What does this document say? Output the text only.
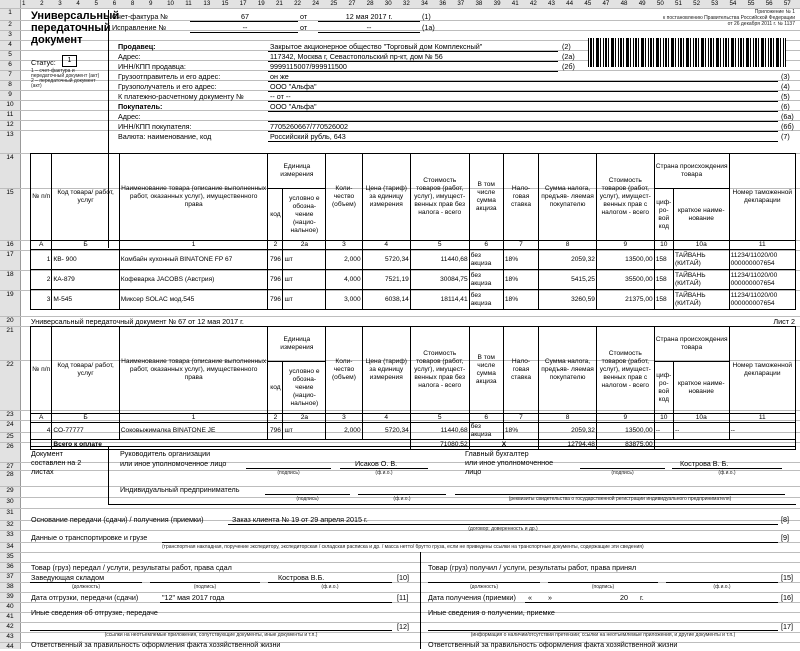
1 2 3 4 5 6 8 9 10 11 13 15 17 19 21 22 24 25 27 28 30 32 34 36 37 38 39 41 42 43 44 45 47 48 49 50 51 52 53 54 55 56 57
1
2
3
4
5
6
7
8
9
10
11
12
13
14
15
16
17
18
19
20
21
22
23
24
25
26
27
28
29
30
31
32
33
34
35
36
37
38
39
40
41
42
43
44
Универсальный
передаточный
документ
Счет-фактура №	67	от	12 мая 2017 г.	(1)
Исправление №	--	от	--	(1а)
Приложение № 1
к постановлению Правительства Российской Федерации
от 26 декабря 2011 г. № 1137
Статус:	1
1 – счет-фактура и
передаточный документ (акт)
2 – передаточный документ
(акт)
Продавец:	Закрытое акционерное общество "Торговый дом Комплексный"	(2)
Адрес:	117342, Москва г, Севастопольский пр-кт, дом № 56	(2а)
ИНН/КПП продавца:	9999115007/999911500	(2б)
Грузоотправитель и его адрес:	он же	(3)
Грузополучатель и его адрес:	ООО "Альфа"	(4)
К платежно-расчетному документу №	-- от --	(5)
Покупатель:	ООО "Альфа"	(6)
Адрес:	(6а)
ИНН/КПП покупателя:	7705260667/770526002	(6б)
Валюта: наименование, код	Российский рубль, 643	(7)
№ п/п	Код товара/ работ, услуг	Наименование товара (описание выполненных работ, оказанных услуг), имущественного права	Единица измерения		Коли- чество (объем)	Цена (тариф) за единицу измерения	Стоимость товаров (работ, услуг), имущест- венных прав без налога - всего	В том числе сумма акциза	Нало- говая ставка	Сумма налога, предъяв- ляемая покупателю	Стоимость товаров (работ, услуг), имущест- венных прав с налогом - всего	Страна происхождения товара		Номер таможенной декларации
			код	условно е обозна- чение (нацио- нальное)								циф- ро- вой код	краткое наиме- нование	
А	Б	1	2	2а	3	4	5	6	7	8	9	10	10а	11
1	КВ- 900	Комбайн кухонный BINATONE FP 67	796	шт	2,000	5720,34	11440,68	без акциза	18%	2059,32	13500,00	158	ТАЙВАНЬ (КИТАЙ)	11234/11020/00 000000007654
2	КА-879	Кофеварка JACOBS (Австрия)	796	шт	4,000	7521,19	30084,75	без акциза	18%	5415,25	35500,00	158	ТАЙВАНЬ (КИТАЙ)	11234/11020/00 000000007654
3	М-545	Миксер SOLAC мод.545	796	шт	3,000	6038,14	18114,41	без акциза	18%	3260,59	21375,00	158	ТАЙВАНЬ (КИТАЙ)	11234/11020/00 000000007654
Универсальный передаточный документ № 67 от 12 мая 2017 г.	Лист 2
№ п/п	Код товара/ работ, услуг	Наименование товара (описание выполненных работ, оказанных услуг), имущественного права	Единица измерения		Коли- чество (объем)	Цена (тариф) за единицу измерения	Стоимость товаров (работ, услуг), имущест- венных прав без налога - всего	В том числе сумма акциза	Нало- говая ставка	Сумма налога, предъяв- ляемая покупателю	Стоимость товаров (работ, услуг), имущест- венных прав с налогом - всего	Страна происхождения товара		Номер таможенной декларации
			код	условно е обозна- чение (нацио- нальное)								циф- ро- вой код	краткое наиме- нование	
А	Б	1	2	2а	3	4	5	6	7	8	9	10	10а	11
4	СО-77777	Соковыжималка BINATONE JE	796	шт	2,000	5720,34	11440,68	без акциза	18%	2059,32	13500,00	--	--	--
	Всего к оплате						71080,52	X		12794,48	83875,00			
Документ
составлен на 2
листах
Руководитель организации
или иное уполномоченное лицо
(подпись)
Исаков О. В.
(ф.и.о.)
Главный бухгалтер
или иное уполномоченное
лицо	(подпись)
Кострова В. Б.
(ф.и.о.)
Индивидуальный предприниматель
(подпись)	(ф.и.о.)	(реквизиты свидетельства о государственной регистрации индивидуального предпринимателя)
Основание передачи (сдачи) / получения (приемки)	Заказ клиента № 19 от 29 апреля 2015 г.	[8]
(договор; доверенность и др.)
Данные о транспортировке и грузе	[9]
(транспортная накладная, поручение экспедитору, экспедиторская / складская расписка и др. / масса нетто/ брутто груза, если не приведены ссылки на транспортные документы, содержащие эти сведения)
Товар (груз) передал / услуги, результаты работ, права сдал
Заведующая складом	Кострова В.Б.	[10]
(должность)	(подпись)	(ф.и.о.)
Дата отгрузки, передачи (сдачи)	"12" мая 2017 года	[11]
Иные сведения об отгрузке, передаче
[12]
(ссылки на неотъемлемые приложения, сопутствующие документы, иные документы и т.п.)
Ответственный за правильность оформления факта хозяйственной жизни
Товар (груз) получил / услуги, результаты работ, права принял
[15]
(должность)	(подпись)	(ф.и.о.)
Дата получения (приемки) « »	20 г.	[16]
Иные сведения о получении, приемке
[17]
(информация о наличии/отсутствии претензии; ссылки на неотъемлемые приложения, и другие документы и т.п.)
Ответственный за правильность оформления факта хозяйственной жизни
